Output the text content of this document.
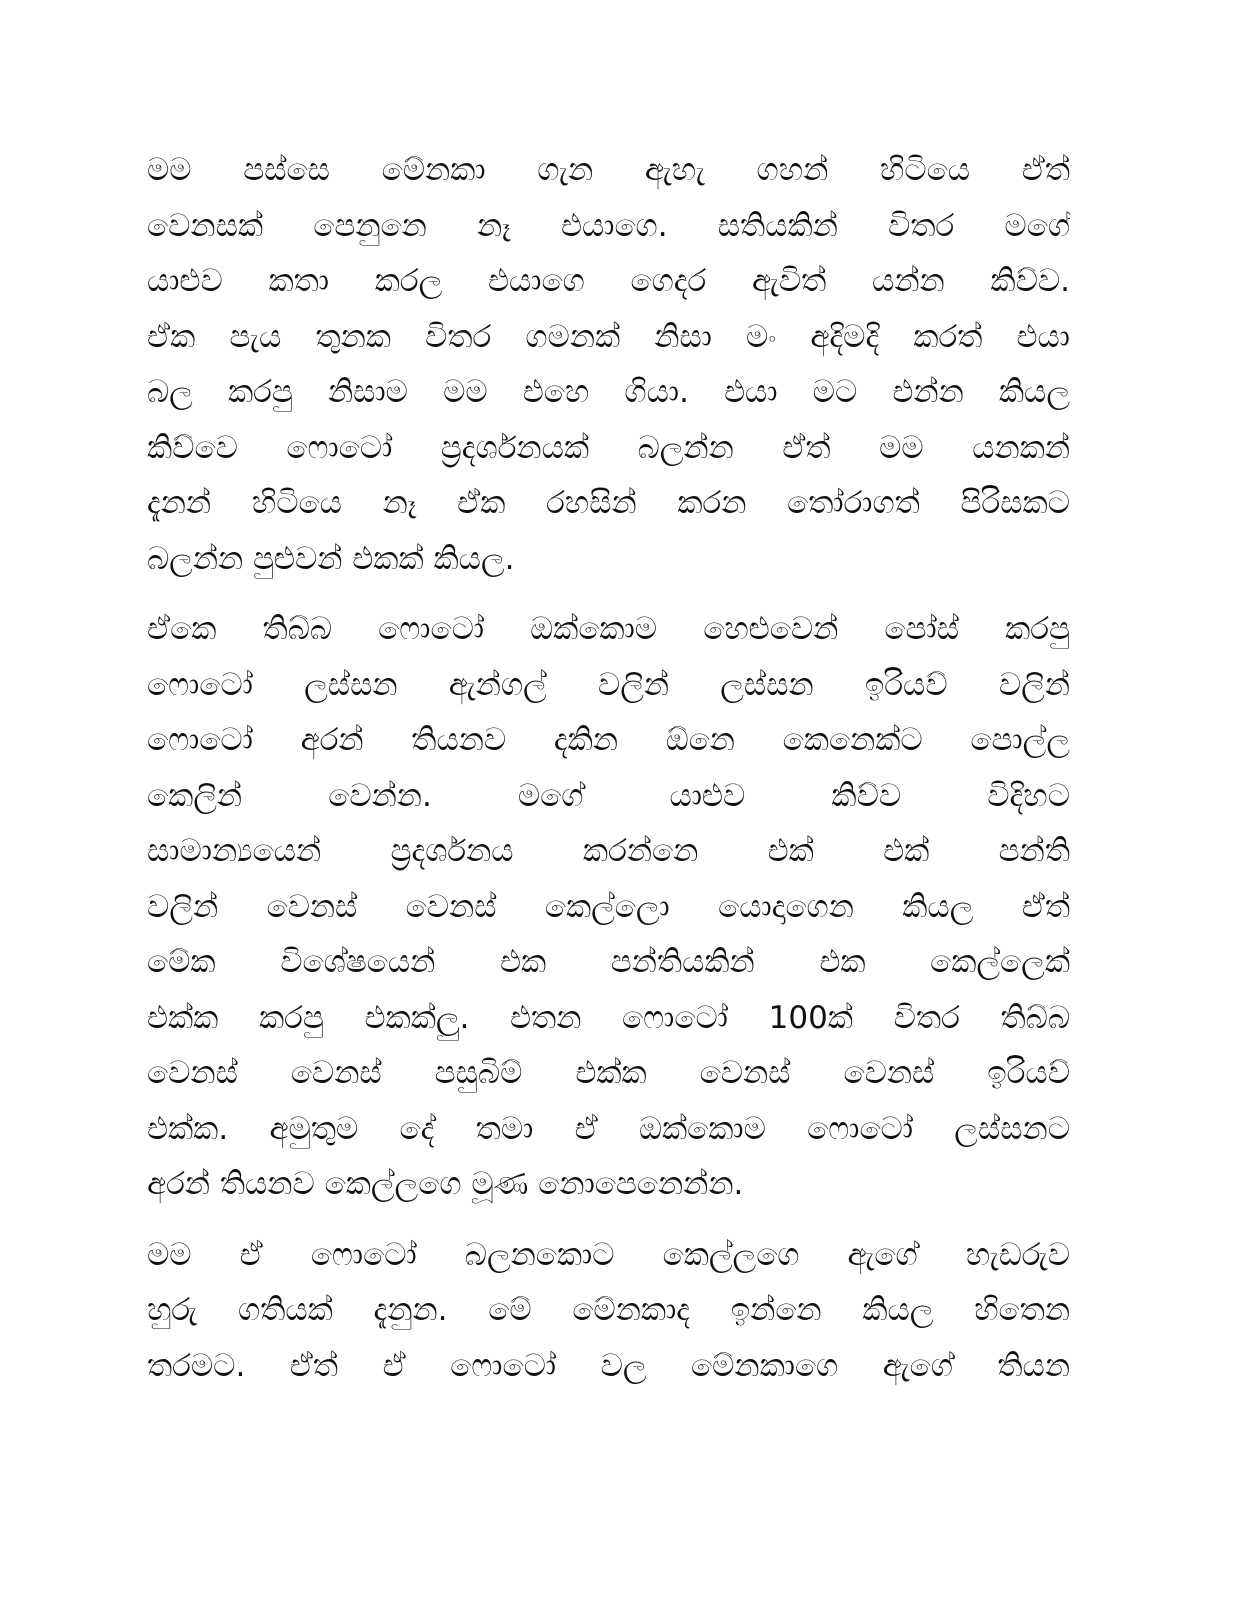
මම පස්සෙ මේනකා ගැන ඇහැ ගහන් හිටියෙ ඒත්
වෙනසක් පෙනුනෙ නෑ එයාගෙ. සතියකින් විතර මගේ
යාළුව කතා කරල එයාගෙ ගෙදර ඇවිත් යන්න කිව්ව.
ඒක පැය තුනක විතර ගමනක් නිසා මං අදිමදි කරත් එයා
බල කරපු නිසාම මම එහෙ ගියා. එයා මට එන්න කියල
කිව්වෙ ෆොටෝ ප්‍රදර්ශනයක් බලන්න ඒත් මම යනකන්
දැනන් හිටියෙ නෑ ඒක රහසින් කරන තෝරාගත් පිරිසකට
බලන්න පුළුවන් එකක් කියල.
ඒකෙ තිබ්බ ෆොටෝ ඔක්කොම හෙළුවෙන් පෝස් කරපු
ෆොටෝ ලස්සන ඇන්ගල් වලින් ලස්සන ඉරියව් වලින්
ෆොටෝ අරන් තියනව දකින ඕනෙ කෙනෙක්ට පොල්ල
කෙලින් වෙන්න. මගේ යාළුව කිව්ව විදිහට
සාමාන්‍යයෙන් ප්‍රදර්ශනය කරන්නෙ එක් එක් පන්ති
වලින් වෙනස් වෙනස් කෙල්ලො යොදාගෙන කියල ඒත්
මේක විශේෂයෙන් එක පන්තියකින් එක කෙල්ලෙක්
එක්ක කරපු එකක්ලු. එතන ෆොටෝ 100ක් විතර තිබ්බ
වෙනස් වෙනස් පසුබිම් එක්ක වෙනස් වෙනස් ඉරියව්
එක්ක. අමුතුම දේ තමා ඒ ඔක්කොම ෆොටෝ ලස්සනට
අරන් තියනව කෙල්ලගෙ මූණ නොපෙනෙන්න.
මම ඒ ෆොටෝ බලනකොට කෙල්ලගෙ ඇගේ හැඩරුව
හුරු ගතියක් දැනුන. මේ මේනකාද ඉන්නෙ කියල හිතෙන
තරමට. ඒත් ඒ ෆොටෝ වල මේනකාගෙ ඇගේ තියන
